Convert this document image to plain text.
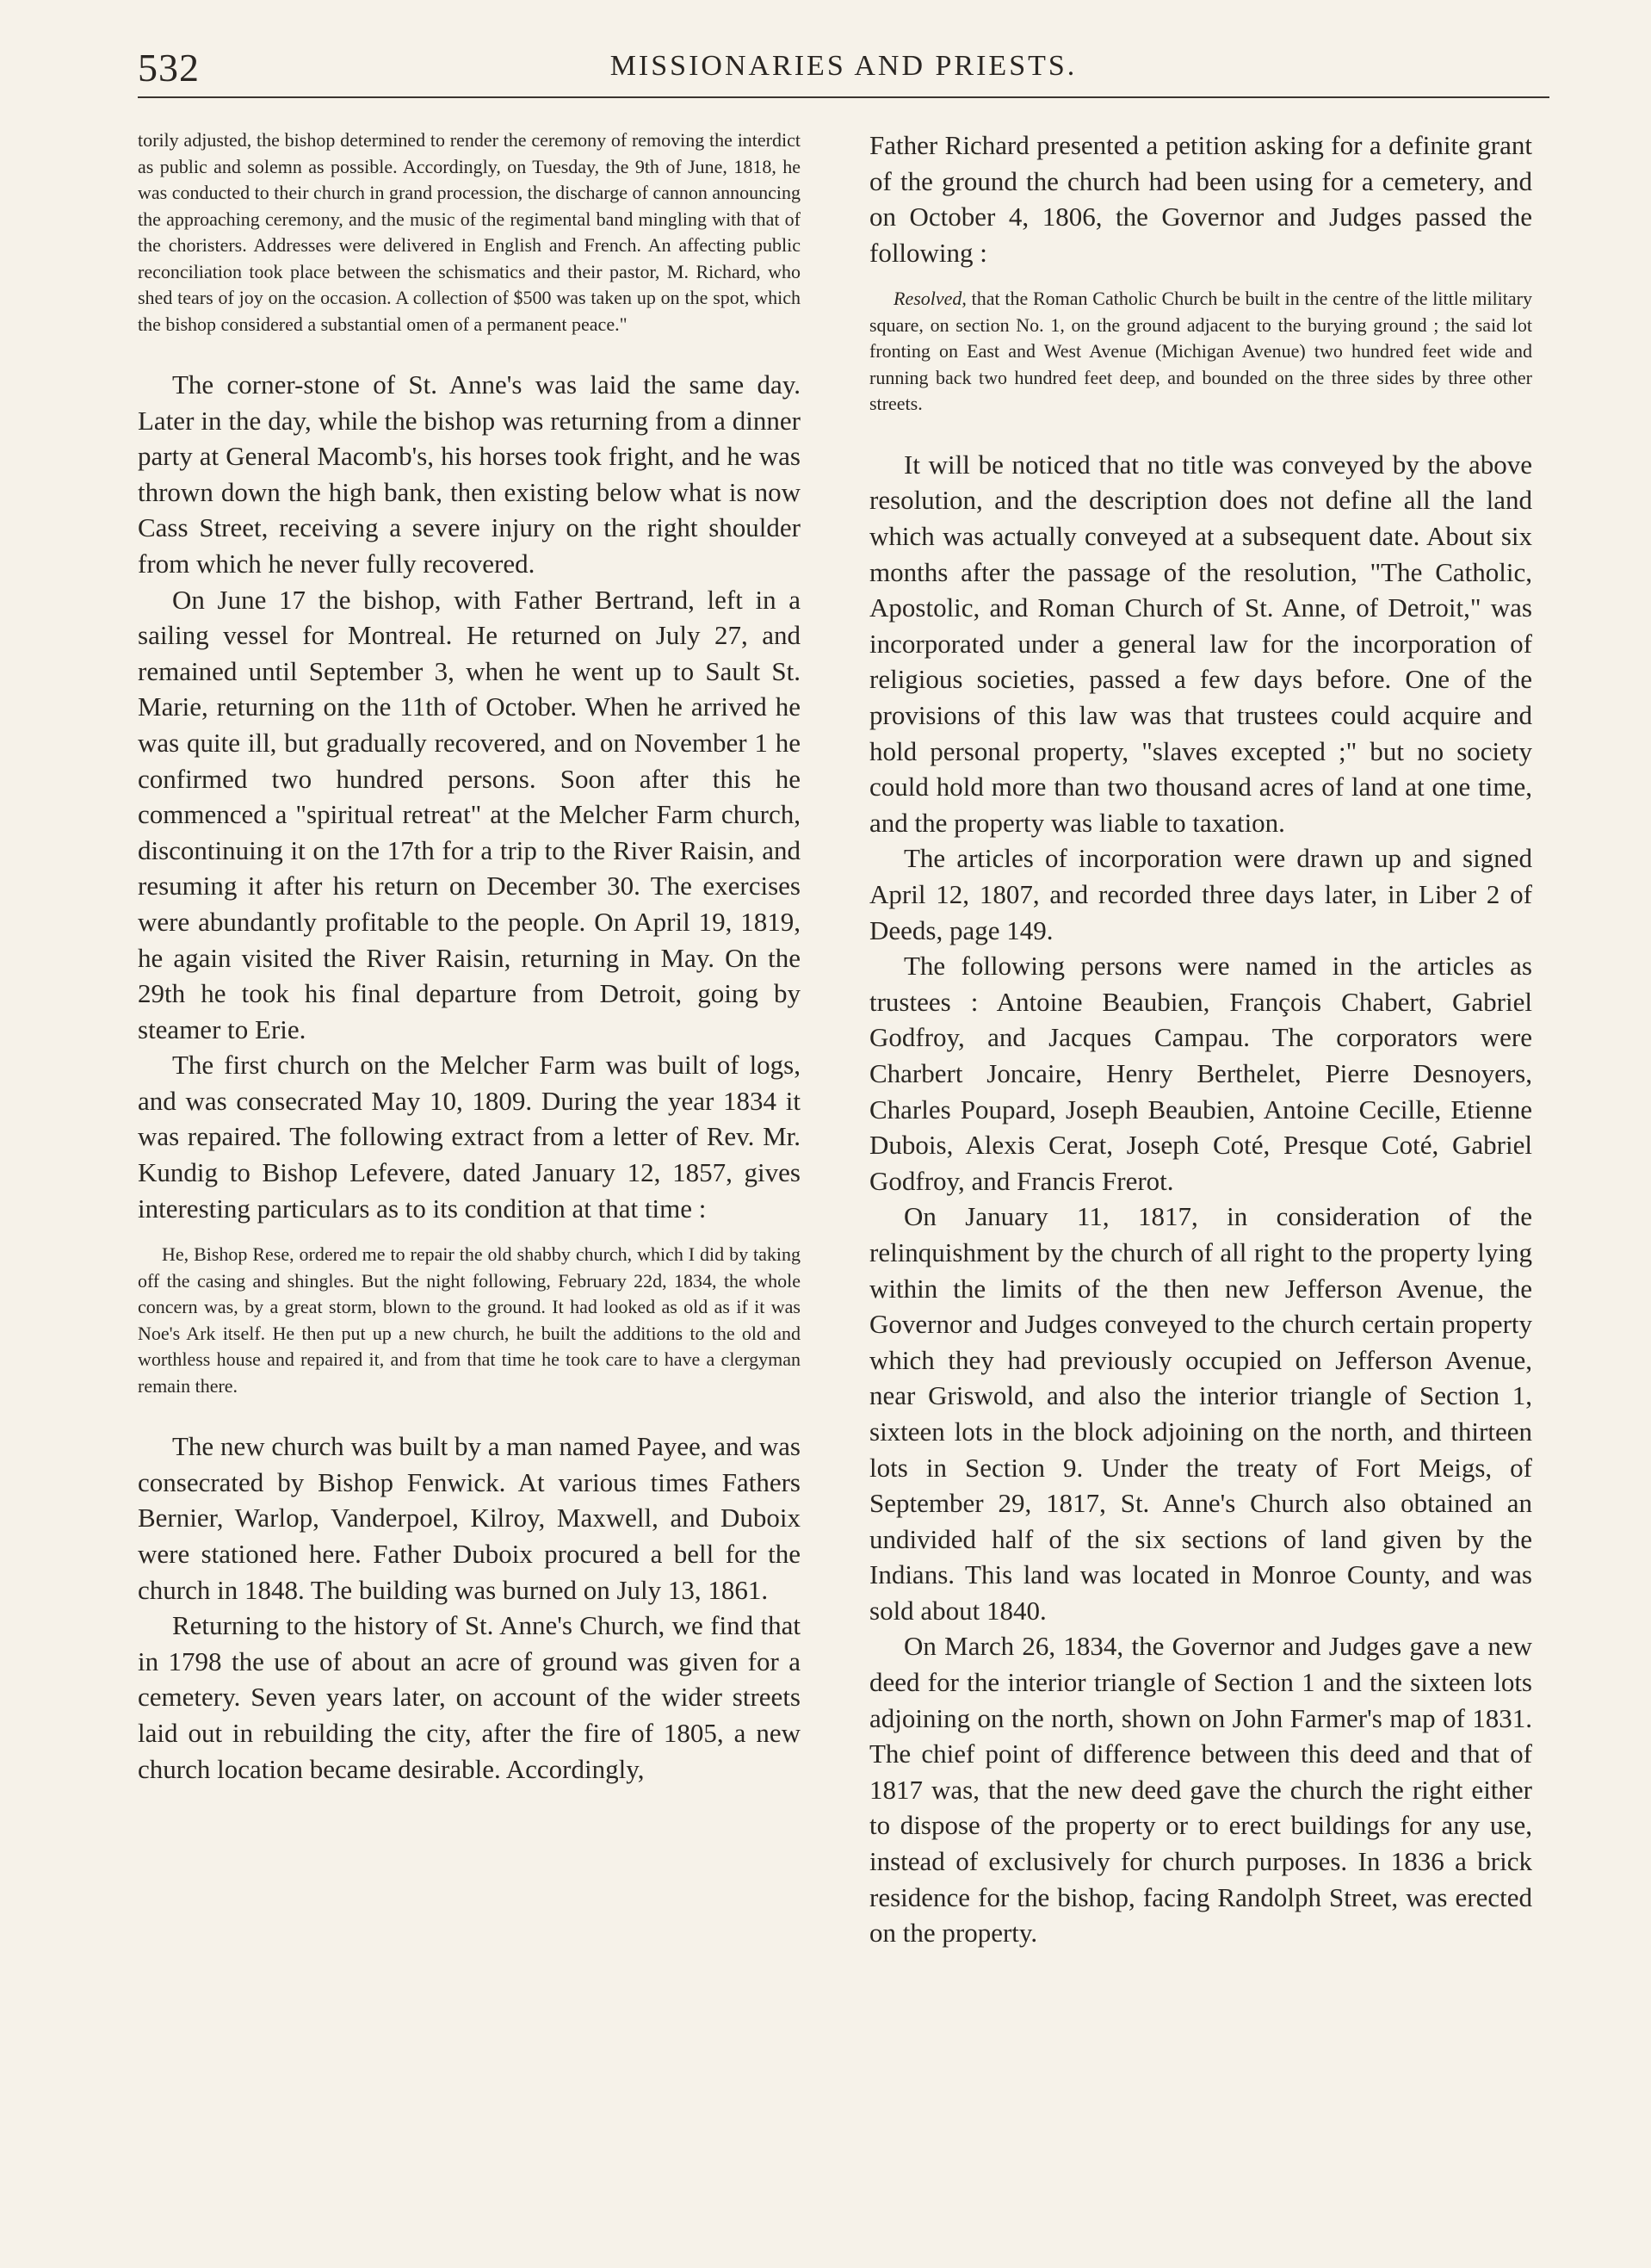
532	MISSIONARIES AND PRIESTS.

torily adjusted, the bishop determined to render the ceremony of removing the interdict as public and solemn as possible. Accordingly, on Tuesday, the 9th of June, 1818, he was conducted to their church in grand procession, the discharge of cannon announcing the approaching ceremony, and the music of the regimental band mingling with that of the choristers. Addresses were delivered in English and French. An affecting public reconciliation took place between the schismatics and their pastor, M. Richard, who shed tears of joy on the occasion. A collection of $500 was taken up on the spot, which the bishop considered a substantial omen of a permanent peace."

The corner-stone of St. Anne's was laid the same day. Later in the day, while the bishop was returning from a dinner party at General Macomb's, his horses took fright, and he was thrown down the high bank, then existing below what is now Cass Street, receiving a severe injury on the right shoulder from which he never fully recovered.

On June 17 the bishop, with Father Bertrand, left in a sailing vessel for Montreal. He returned on July 27, and remained until September 3, when he went up to Sault St. Marie, returning on the 11th of October. When he arrived he was quite ill, but gradually recovered, and on November 1 he confirmed two hundred persons. Soon after this he commenced a "spiritual retreat" at the Melcher Farm church, discontinuing it on the 17th for a trip to the River Raisin, and resuming it after his return on December 30. The exercises were abundantly profitable to the people. On April 19, 1819, he again visited the River Raisin, returning in May. On the 29th he took his final departure from Detroit, going by steamer to Erie.

The first church on the Melcher Farm was built of logs, and was consecrated May 10, 1809. During the year 1834 it was repaired. The following extract from a letter of Rev. Mr. Kundig to Bishop Lefevere, dated January 12, 1857, gives interesting particulars as to its condition at that time :

He, Bishop Rese, ordered me to repair the old shabby church, which I did by taking off the casing and shingles. But the night following, February 22d, 1834, the whole concern was, by a great storm, blown to the ground. It had looked as old as if it was Noe's Ark itself. He then put up a new church, he built the additions to the old and worthless house and repaired it, and from that time he took care to have a clergyman remain there.

The new church was built by a man named Payee, and was consecrated by Bishop Fenwick. At various times Fathers Bernier, Warlop, Vanderpoel, Kilroy, Maxwell, and Duboix were stationed here. Father Duboix procured a bell for the church in 1848. The building was burned on July 13, 1861.

Returning to the history of St. Anne's Church, we find that in 1798 the use of about an acre of ground was given for a cemetery. Seven years later, on account of the wider streets laid out in rebuilding the city, after the fire of 1805, a new church location became desirable. Accordingly,

Father Richard presented a petition asking for a definite grant of the ground the church had been using for a cemetery, and on October 4, 1806, the Governor and Judges passed the following :

Resolved, that the Roman Catholic Church be built in the centre of the little military square, on section No. 1, on the ground adjacent to the burying ground ; the said lot fronting on East and West Avenue (Michigan Avenue) two hundred feet wide and running back two hundred feet deep, and bounded on the three sides by three other streets.

It will be noticed that no title was conveyed by the above resolution, and the description does not define all the land which was actually conveyed at a subsequent date. About six months after the passage of the resolution, "The Catholic, Apostolic, and Roman Church of St. Anne, of Detroit," was incorporated under a general law for the incorporation of religious societies, passed a few days before. One of the provisions of this law was that trustees could acquire and hold personal property, "slaves excepted ;" but no society could hold more than two thousand acres of land at one time, and the property was liable to taxation.

The articles of incorporation were drawn up and signed April 12, 1807, and recorded three days later, in Liber 2 of Deeds, page 149.

The following persons were named in the articles as trustees : Antoine Beaubien, François Chabert, Gabriel Godfroy, and Jacques Campau. The corporators were Charbert Joncaire, Henry Berthelet, Pierre Desnoyers, Charles Poupard, Joseph Beaubien, Antoine Cecille, Etienne Dubois, Alexis Cerat, Joseph Coté, Presque Coté, Gabriel Godfroy, and Francis Frerot.

On January 11, 1817, in consideration of the relinquishment by the church of all right to the property lying within the limits of the then new Jefferson Avenue, the Governor and Judges conveyed to the church certain property which they had previously occupied on Jefferson Avenue, near Griswold, and also the interior triangle of Section 1, sixteen lots in the block adjoining on the north, and thirteen lots in Section 9. Under the treaty of Fort Meigs, of September 29, 1817, St. Anne's Church also obtained an undivided half of the six sections of land given by the Indians. This land was located in Monroe County, and was sold about 1840.

On March 26, 1834, the Governor and Judges gave a new deed for the interior triangle of Section 1 and the sixteen lots adjoining on the north, shown on John Farmer's map of 1831. The chief point of difference between this deed and that of 1817 was, that the new deed gave the church the right either to dispose of the property or to erect buildings for any use, instead of exclusively for church purposes. In 1836 a brick residence for the bishop, facing Randolph Street, was erected on the property.
